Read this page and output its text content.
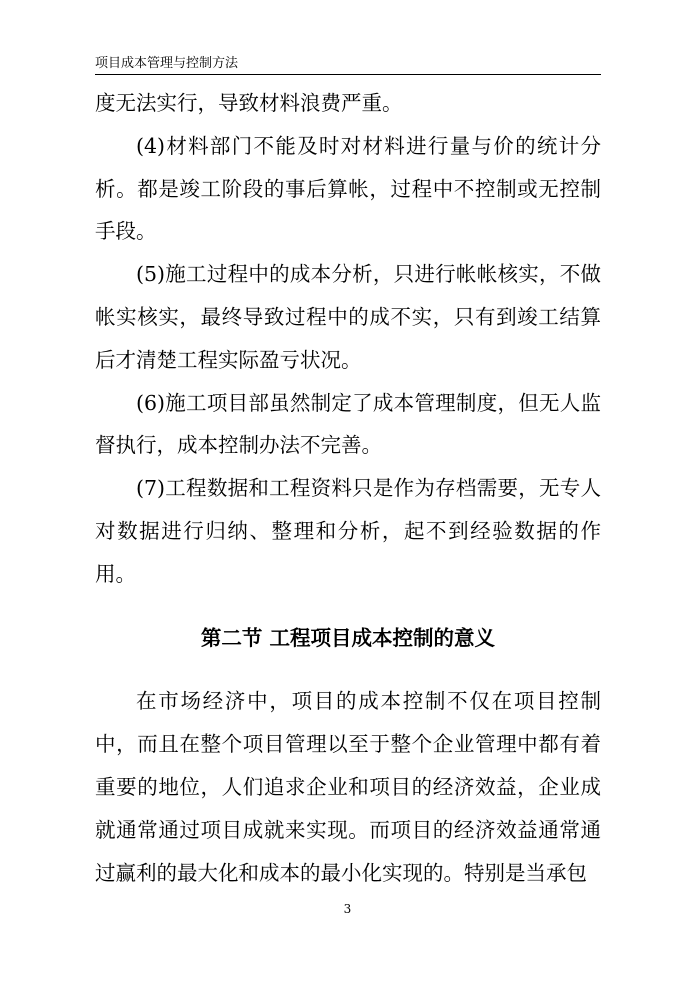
项目成本管理与控制方法

度无法实行，导致材料浪费严重。

(4)材料部门不能及时对材料进行量与价的统计分析。都是竣工阶段的事后算帐，过程中不控制或无控制手段。

(5)施工过程中的成本分析，只进行帐帐核实，不做帐实核实，最终导致过程中的成不实，只有到竣工结算后才清楚工程实际盈亏状况。

(6)施工项目部虽然制定了成本管理制度，但无人监督执行，成本控制办法不完善。

(7)工程数据和工程资料只是作为存档需要，无专人对数据进行归纳、整理和分析，起不到经验数据的作用。

第二节 工程项目成本控制的意义

在市场经济中，项目的成本控制不仅在项目控制中，而且在整个项目管理以至于整个企业管理中都有着重要的地位，人们追求企业和项目的经济效益，企业成就通常通过项目成就来实现。而项目的经济效益通常通过赢利的最大化和成本的最小化实现的。特别是当承包

3
